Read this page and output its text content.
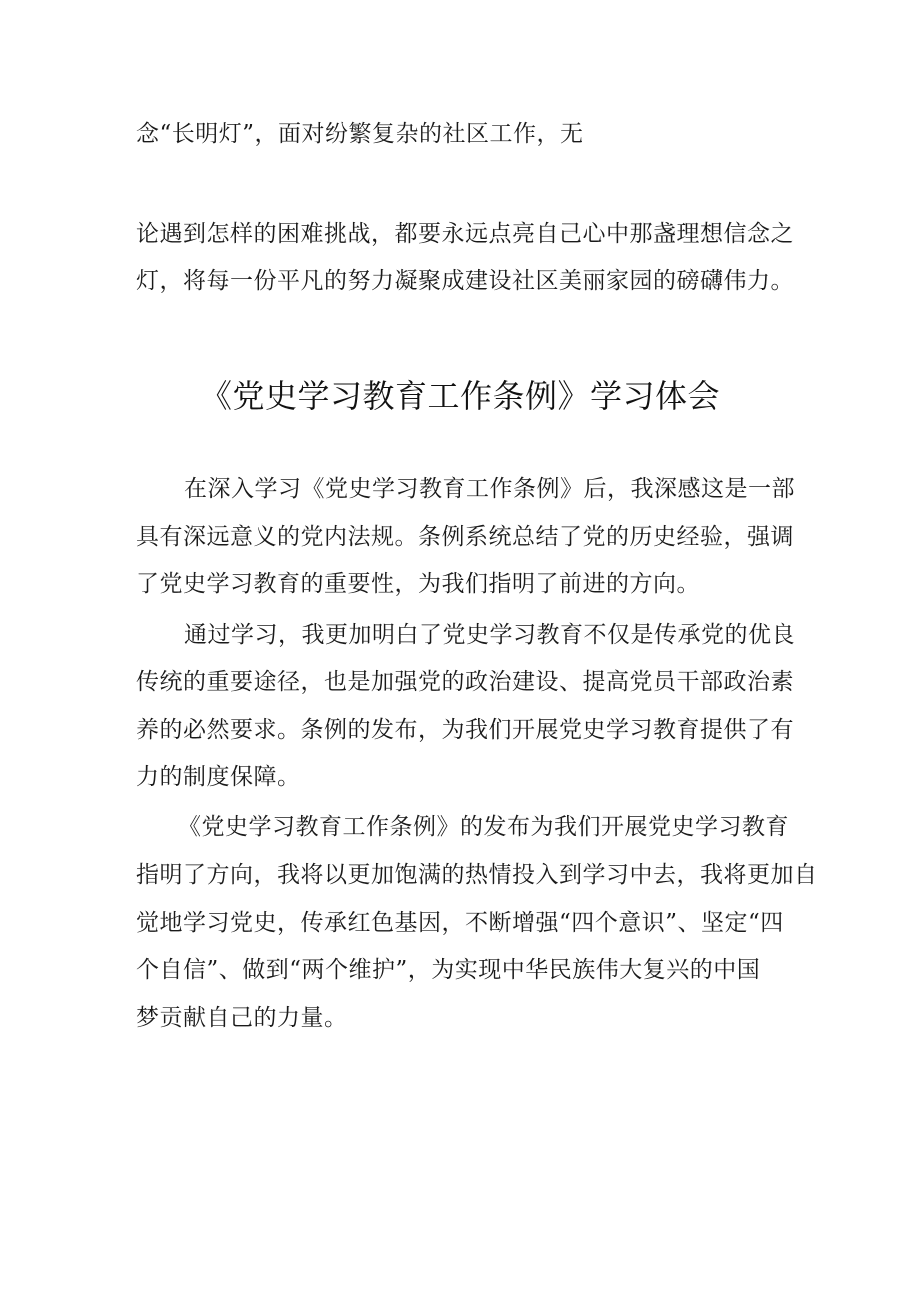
念“长明灯”，面对纷繁复杂的社区工作，无
论遇到怎样的困难挑战，都要永远点亮自己心中那盏理想信念之
灯，将每一份平凡的努力凝聚成建设社区美丽家园的磅礴伟力。
《党史学习教育工作条例》学习体会
在深入学习《党史学习教育工作条例》后，我深感这是一部
具有深远意义的党内法规。条例系统总结了党的历史经验，强调
了党史学习教育的重要性，为我们指明了前进的方向。
通过学习，我更加明白了党史学习教育不仅是传承党的优良
传统的重要途径，也是加强党的政治建设、提高党员干部政治素
养的必然要求。条例的发布，为我们开展党史学习教育提供了有
力的制度保障。
《党史学习教育工作条例》的发布为我们开展党史学习教育
指明了方向，我将以更加饱满的热情投入到学习中去，我将更加自
觉地学习党史，传承红色基因，不断增强“四个意识”、坚定“四
个自信”、做到“两个维护”，为实现中华民族伟大复兴的中国
梦贡献自己的力量。
